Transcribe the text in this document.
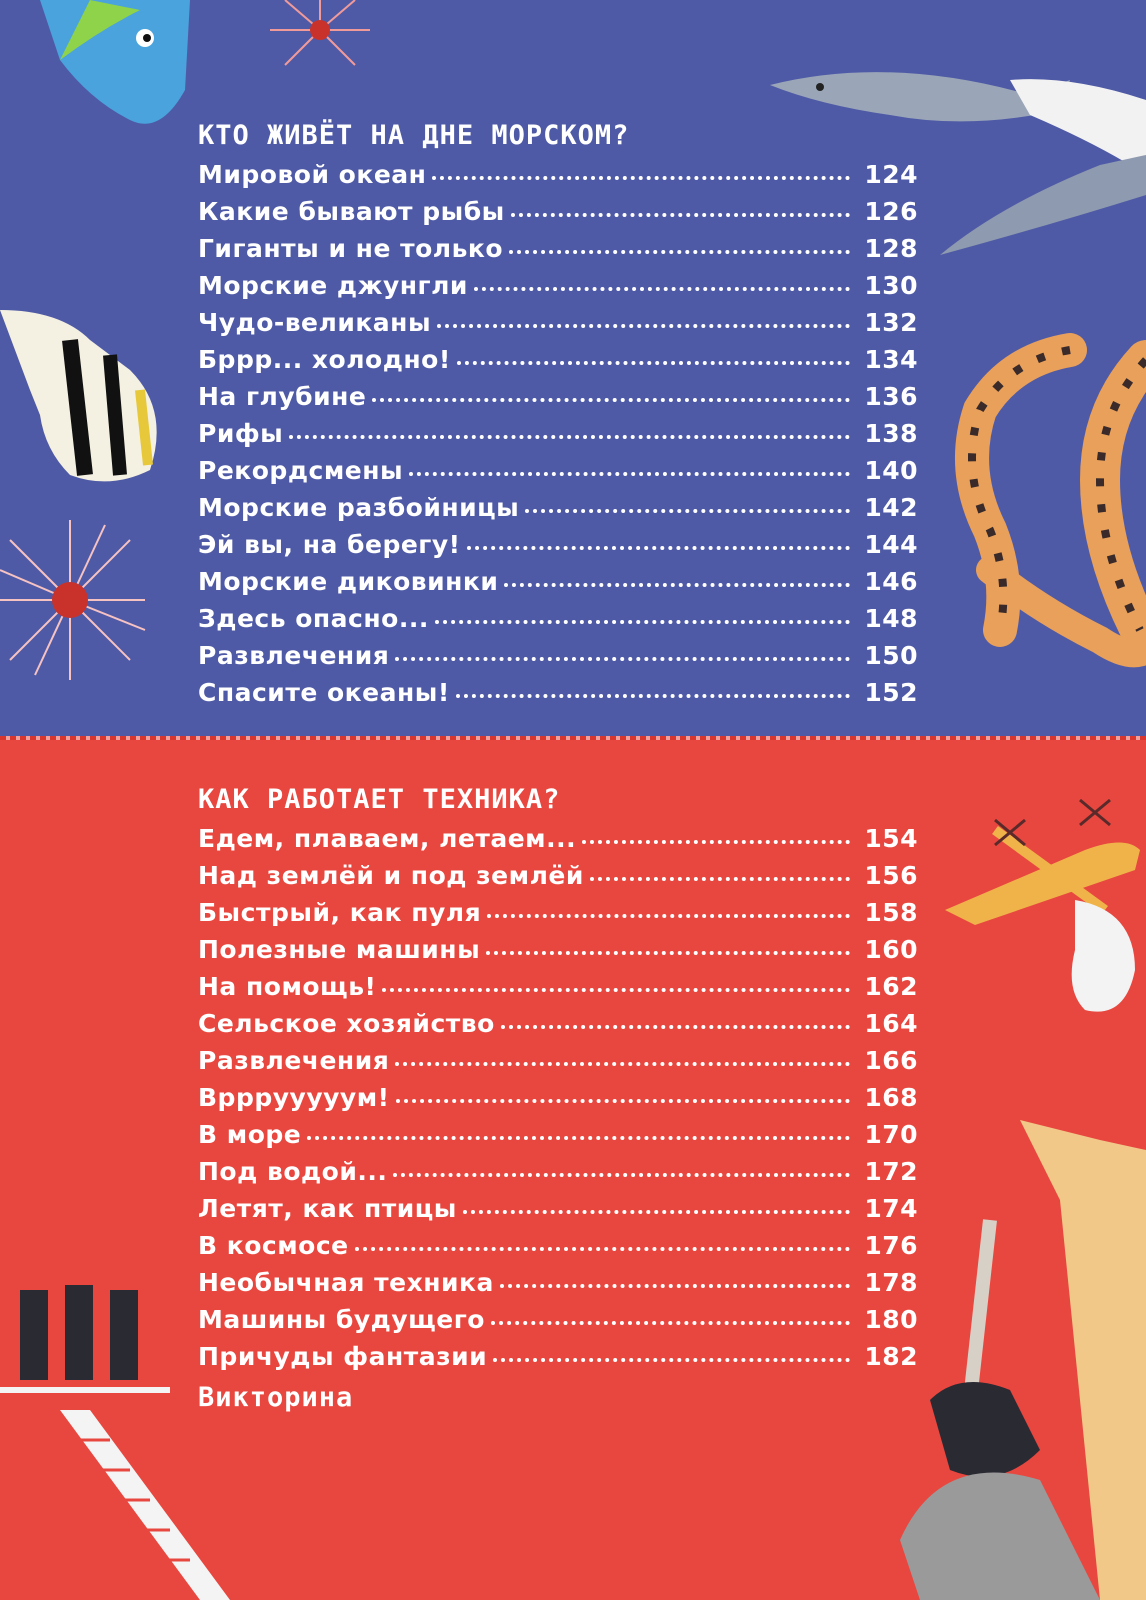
КТО ЖИВЁТ НА ДНЕ МОРСКОМ?
Мировой океан	124
Какие бывают рыбы	126
Гиганты и не только	128
Морские джунгли	130
Чудо-великаны	132
Бррр... холодно!	134
На глубине	136
Рифы	138
Рекордсмены	140
Морские разбойницы	142
Эй вы, на берегу!	144
Морские диковинки	146
Здесь опасно...	148
Развлечения	150
Спасите океаны!	152
КАК РАБОТАЕТ ТЕХНИКА?
Едем, плаваем, летаем...	154
Над землёй и под землёй	156
Быстрый, как пуля	158
Полезные машины	160
На помощь!	162
Сельское хозяйство	164
Развлечения	166
Врррууууум!	168
В море	170
Под водой...	172
Летят, как птицы	174
В космосе	176
Необычная техника	178
Машины будущего	180
Причуды фантазии	182
Викторина
